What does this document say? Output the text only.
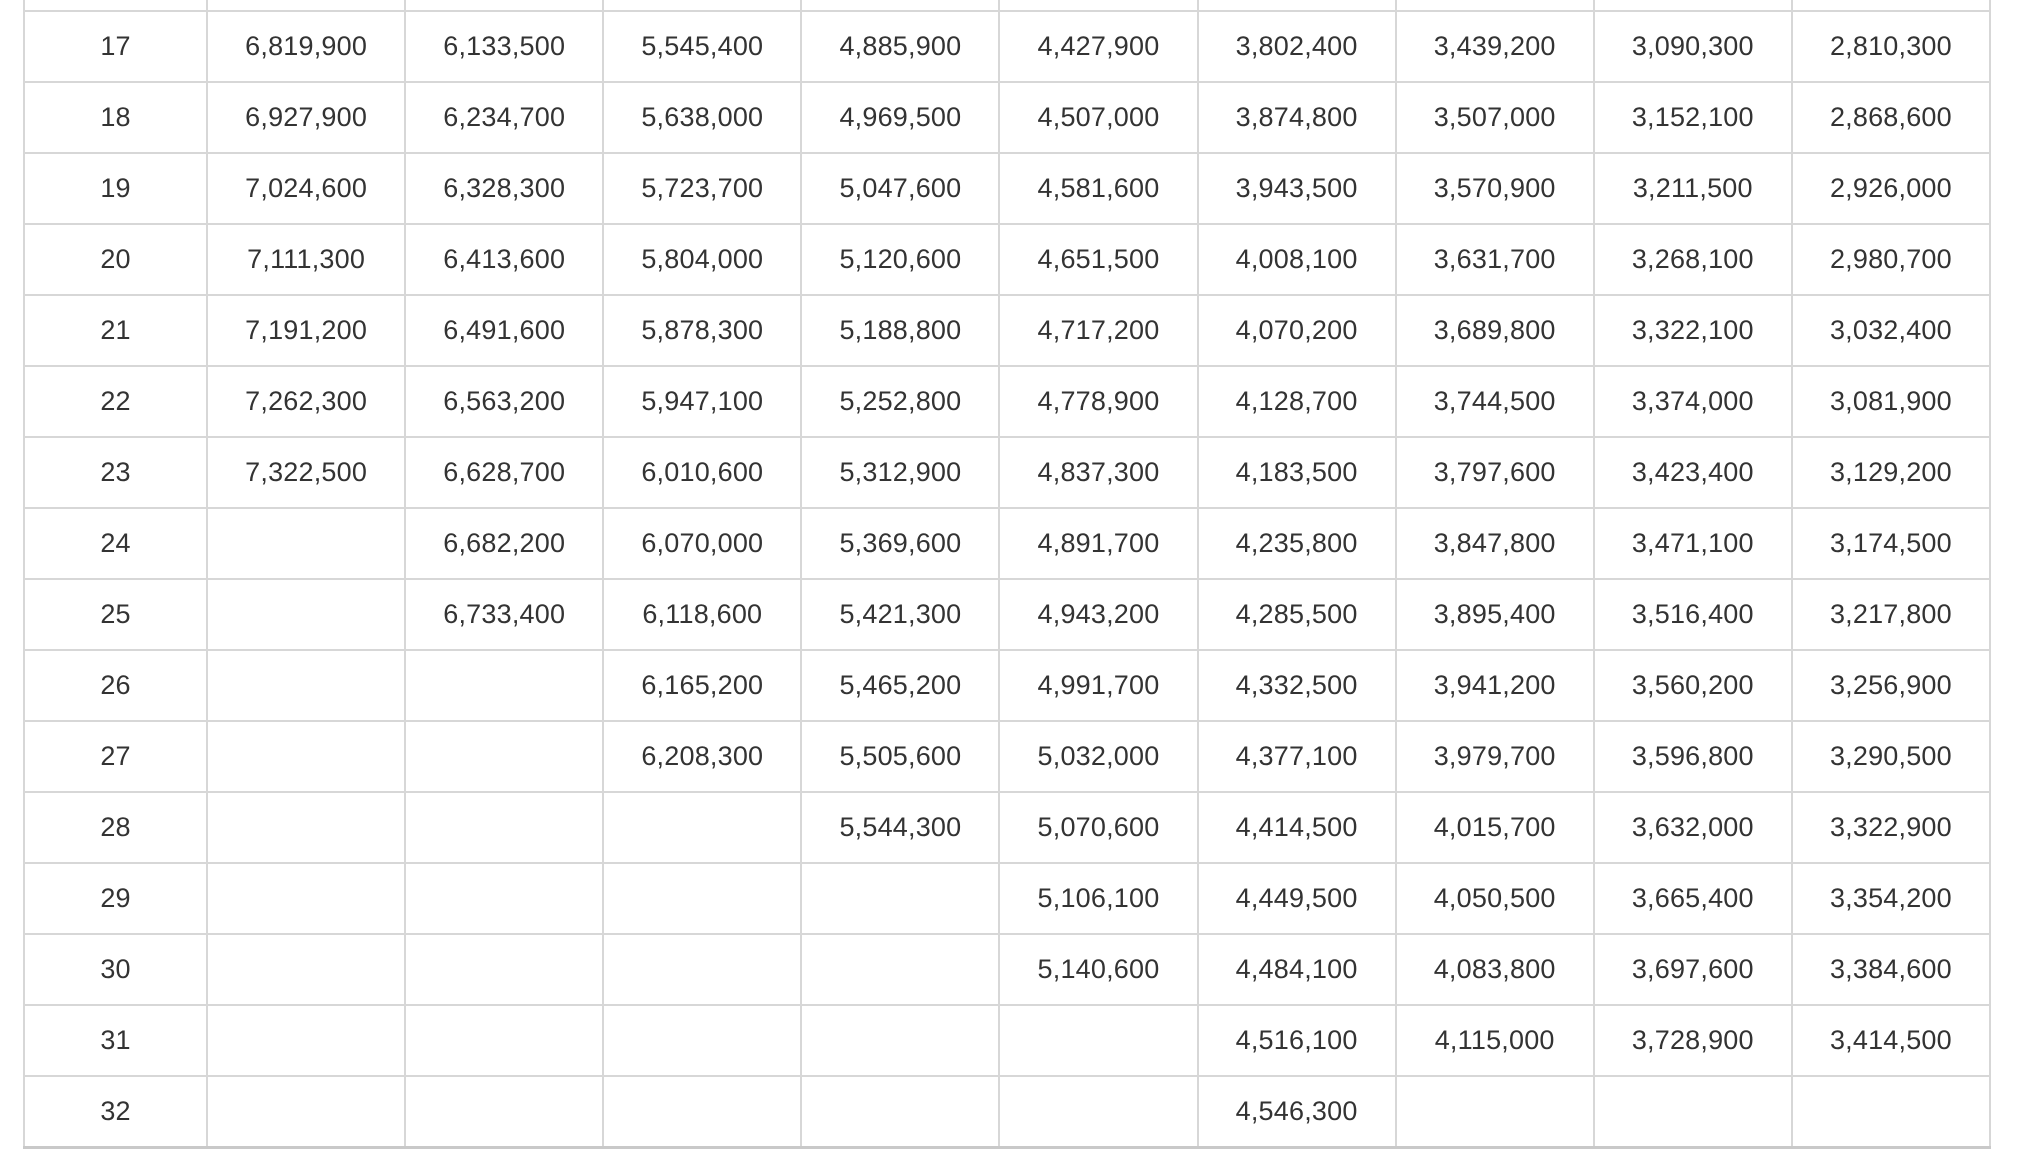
17	6,819,900	6,133,500	5,545,400	4,885,900	4,427,900	3,802,400	3,439,200	3,090,300	2,810,300
18	6,927,900	6,234,700	5,638,000	4,969,500	4,507,000	3,874,800	3,507,000	3,152,100	2,868,600
19	7,024,600	6,328,300	5,723,700	5,047,600	4,581,600	3,943,500	3,570,900	3,211,500	2,926,000
20	7,111,300	6,413,600	5,804,000	5,120,600	4,651,500	4,008,100	3,631,700	3,268,100	2,980,700
21	7,191,200	6,491,600	5,878,300	5,188,800	4,717,200	4,070,200	3,689,800	3,322,100	3,032,400
22	7,262,300	6,563,200	5,947,100	5,252,800	4,778,900	4,128,700	3,744,500	3,374,000	3,081,900
23	7,322,500	6,628,700	6,010,600	5,312,900	4,837,300	4,183,500	3,797,600	3,423,400	3,129,200
24		6,682,200	6,070,000	5,369,600	4,891,700	4,235,800	3,847,800	3,471,100	3,174,500
25		6,733,400	6,118,600	5,421,300	4,943,200	4,285,500	3,895,400	3,516,400	3,217,800
26			6,165,200	5,465,200	4,991,700	4,332,500	3,941,200	3,560,200	3,256,900
27			6,208,300	5,505,600	5,032,000	4,377,100	3,979,700	3,596,800	3,290,500
28				5,544,300	5,070,600	4,414,500	4,015,700	3,632,000	3,322,900
29					5,106,100	4,449,500	4,050,500	3,665,400	3,354,200
30					5,140,600	4,484,100	4,083,800	3,697,600	3,384,600
31						4,516,100	4,115,000	3,728,900	3,414,500
32						4,546,300			
